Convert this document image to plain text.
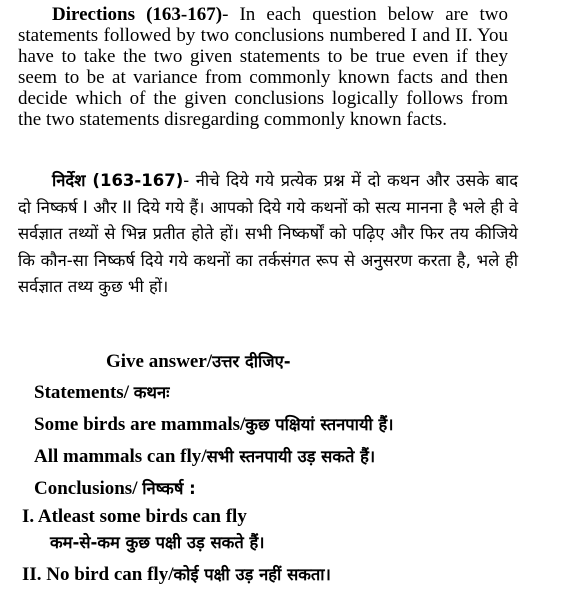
Directions (163-167)- In each question below are two statements followed by two conclusions numbered I and II. You have to take the two given statements to be true even if they seem to be at variance from commonly known facts and then decide which of the given conclusions logically follows from the two statements disregarding commonly known facts.
निर्देश (163-167)- नीचे दिये गये प्रत्येक प्रश्न में दो कथन और उसके बाद दो निष्कर्ष I और II दिये गये हैं। आपको दिये गये कथनों को सत्य मानना है भले ही वे सर्वज्ञात तथ्यों से भिन्न प्रतीत होते हों। सभी निष्कर्षों को पढ़िए और फिर तय कीजिये कि कौन-सा निष्कर्ष दिये गये कथनों का तर्कसंगत रूप से अनुसरण करता है, भले ही सर्वज्ञात तथ्य कुछ भी हों।
Give answer/उत्तर दीजिए-
Statements/ कथनः
Some birds are mammals/कुछ पक्षियां स्तनपायी हैं।
All mammals can fly/सभी स्तनपायी उड़ सकते हैं।
Conclusions/ निष्कर्ष :
I. Atleast some birds can fly
कम-से-कम कुछ पक्षी उड़ सकते हैं।
II. No bird can fly/कोई पक्षी उड़ नहीं सकता।
